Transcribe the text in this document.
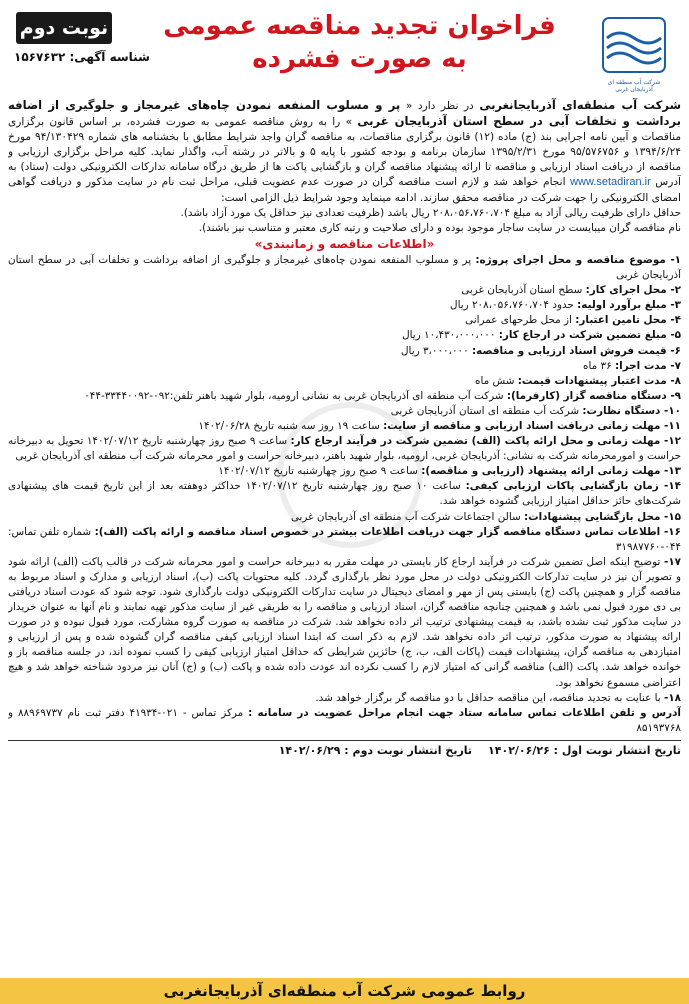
شرکت آب منطقه ای آذربایجان غربی
فراخوان تجدید مناقصه عمومی
به صورت فشرده
نوبت دوم
شناسه آگهی: ۱۵۶۷۶۳۲
شرکت آب منطقه‌ای آذربایجانغربی در نظر دارد « پر و مسلوب المنفعه نمودن چاه‌های غیرمجاز و جلوگیری از اضافه برداشت و تخلفات آبی در سطح استان آذربایجان غربی » را به روش مناقصه عمومی به صورت فشرده، بر اساس قانون برگزاری مناقصات و آیین نامه اجرایی بند (ج) ماده (۱۲) قانون برگزاری مناقصات، به مناقصه گران واجد شرایط مطابق با بخشنامه های شماره ۹۴/۱۳۰۴۲۹ مورخ ۱۳۹۴/۶/۲۴ و ۹۵/۵۷۶۷۵۶ مورخ ۱۳۹۵/۲/۳۱ سازمان برنامه و بودجه کشور با پایه ۵ و بالاتر در رشته آب، واگذار نماید. کلیه مراحل برگزاری ارزیابی و مناقصه از دریافت اسناد ارزیابی و مناقصه تا ارائه پیشنهاد مناقصه گران و بازگشایی پاکت ها از طریق درگاه سامانه تدارکات الکترونیکی دولت (ستاد) به آدرس www.setadiran.ir انجام خواهد شد و لازم است مناقصه گران در صورت عدم عضویت قبلی، مراحل ثبت نام در سایت مذکور و دریافت گواهی امضای الکترونیکی را جهت شرکت در مناقصه محقق سازند. ادامه مینماید وجود شرایط ذیل الزامی است:
حداقل دارای ظرفیت ریالی آزاد به مبلغ ۲۰۸،۰۵۶،۷۶۰،۷۰۴ ریال باشد (ظرفیت تعدادی نیز حداقل یک مورد آزاد باشد).
نام مناقصه گران میبایست در سایت ساجار موجود بوده و دارای صلاحیت و رتبه کاری معتبر و متناسب نیز باشند).
«اطلاعات مناقصه و زمانبندی»
۱- موضوع مناقصه و محل اجرای پروژه: پر و مسلوب المنفعه نمودن چاه‌های غیرمجاز و جلوگیری از اضافه برداشت و تخلفات آبی در سطح استان آذربایجان غربی
۲- محل اجرای کار: سطح استان آذربایجان غربی
۳- مبلغ برآورد اولیه: حدود ۲۰۸،۰۵۶،۷۶۰،۷۰۴ ریال
۴- محل تامین اعتبار: از محل طرحهای عمرانی
۵- مبلغ تضمین شرکت در ارجاع کار: ۱۰،۴۳۰،۰۰۰،۰۰۰ ریال
۶- قیمت فروش اسناد ارزیابی و مناقصه: ۳،۰۰۰،۰۰۰ ریال
۷- مدت اجرا: ۳۶ ماه
۸- مدت اعتبار پیشنهادات قیمت: شش ماه
۹- دستگاه مناقصه گزار (کارفرما): شرکت آب منطقه ای آذربایجان غربی به نشانی ارومیه، بلوار شهید باهنر تلفن:۰۹۲-۳۳۴۴۰۰۹۲-۰۴۴
۱۰- دستگاه نظارت: شرکت آب منطقه ای استان آذربایجان غربی
۱۱- مهلت زمانی دریافت اسناد ارزیابی و مناقصه از سایت: ساعت ۱۹ روز سه شنبه تاریخ ۱۴۰۲/۰۶/۲۸
۱۲- مهلت زمانی و محل ارائه پاکت (الف) تضمین شرکت در فرآیند ارجاع کار: ساعت ۹ صبح روز چهارشنبه تاریخ ۱۴۰۲/۰۷/۱۲ تحویل به دبیرخانه حراست و امورمحرمانه شرکت به نشانی: آذربایجان غربی، ارومیه، بلوار شهید باهنر، دبیرخانه حراست و امور محرمانه شرکت آب منطقه ای آذربایجان غربی
۱۳- مهلت زمانی ارائه پیشنهاد (ارزیابی و مناقصه): ساعت ۹ صبح روز چهارشنبه تاریخ ۱۴۰۲/۰۷/۱۲
۱۴- زمان بازگشایی پاکات ارزیابی کیفی: ساعت ۱۰ صبح روز چهارشنبه تاریخ ۱۴۰۲/۰۷/۱۲ حداکثر دوهفته بعد از این تاریخ قیمت های پیشنهادی شرکت‌های حائز حداقل امتیاز ارزیابی گشوده خواهد شد.
۱۵- محل بازگشایی پیشنهادات: سالن اجتماعات شرکت آب منطقه ای آذربایجان غربی
۱۶- اطلاعات تماس دستگاه مناقصه گزار جهت دریافت اطلاعات بیشتر در خصوص اسناد مناقصه و ارائه پاکت (الف): شماره تلفن تماس: ۰۴۴-۳۱۹۸۷۷۶۰
۱۷- توضیح اینکه اصل تضمین شرکت در فرآیند ارجاع کار بایستی در مهلت مقرر به دبیرخانه حراست و امور محرمانه شرکت در قالب پاکت (الف) ارائه شود و تصویر آن نیز در سایت تدارکات الکترونیکی دولت در محل مورد نظر بارگذاری گردد. کلیه محتویات پاکت (ب)، اسناد ارزیابی و مدارک و اسناد مربوط به مناقصه گزار و همچنین پاکت (ج) بایستی پس از مهر و امضای دیجیتال در سایت تدارکات الکترونیکی دولت بارگذاری شود. توجه شود که عودت اسناد دریافتی بی دی مورد قبول نمی باشد و همچنین چنانچه مناقصه گران، اسناد ارزیابی و مناقصه را به طریقی غیر از سایت مذکور تهیه نمایند و نام آنها به عنوان خریدار در سایت مذکور ثبت نشده باشد، به قیمت پیشنهادی ترتیب اثر داده نخواهد شد. شرکت در مناقصه به صورت گروه مشارکت، مورد قبول نبوده و در صورت ارائه پیشنهاد به صورت مذکور، ترتیب اثر داده نخواهد شد. لازم به ذکر است که ابتدا اسناد ارزیابی کیفی مناقصه گران گشوده شده و پس از ارزیابی و امتیازدهی به مناقصه گران، پیشنهادات قیمت (پاکات الف، ب، ج) حائزین شرایطی که حداقل امتیاز ارزیابی کیفی را کسب نموده اند، در جلسه مناقصه باز و خوانده خواهد شد. پاکت (الف) مناقصه گرانی که امتیاز لازم را کسب نکرده اند عودت داده شده و پاکت (ب) و (ج) آنان نیز مردود شناخته خواهد شد و هیچ اعتراضی مسموع نخواهد بود.
۱۸- با عنایت به تجدید مناقصه، این مناقصه حداقل با دو مناقصه گر برگزار خواهد شد.
آدرس و تلفن اطلاعات تماس سامانه ستاد جهت انجام مراحل عضویت در سامانه : مرکز تماس - ۰۲۱-۴۱۹۳۴ دفتر ثبت نام ۸۸۹۶۹۷۳۷ و ۸۵۱۹۳۷۶۸
تاریخ انتشار نوبت اول : ۱۴۰۲/۰۶/۲۶
تاریخ انتشار نوبت دوم : ۱۴۰۲/۰۶/۲۹
روابط عمومی شرکت آب منطقه‌ای آذربایجانغربی
